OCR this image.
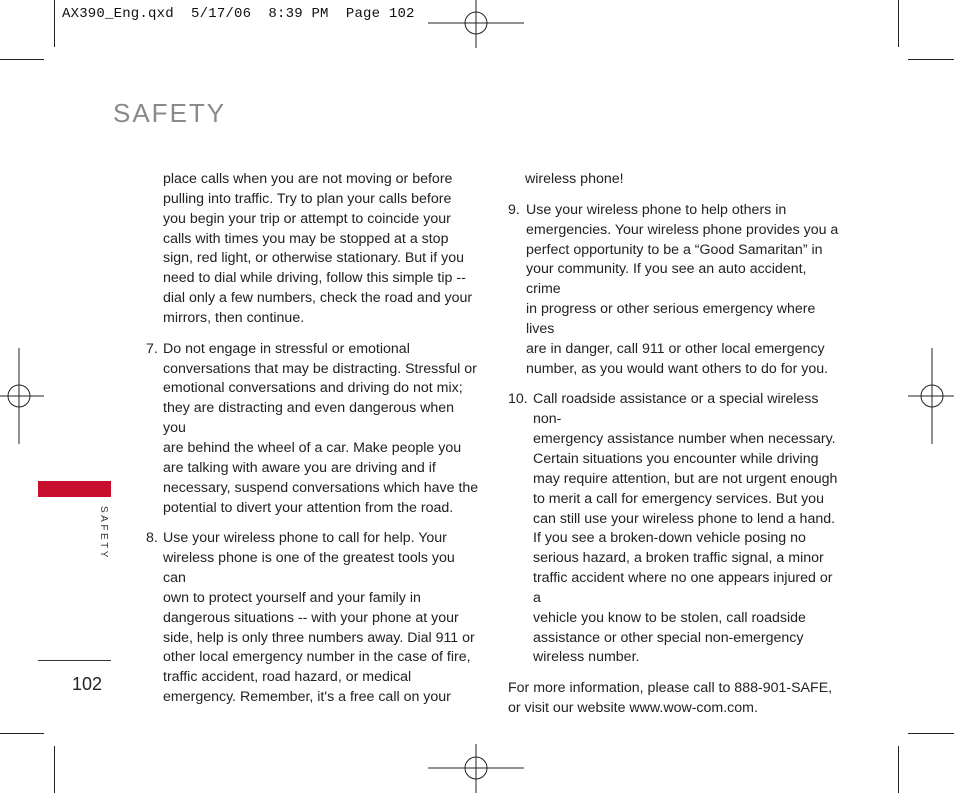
AX390_Eng.qxd  5/17/06  8:39 PM  Page 102
SAFETY
SAFETY
102
place calls when you are not moving or before
pulling into traffic. Try to plan your calls before
you begin your trip or attempt to coincide your
calls with times you may be stopped at a stop
sign, red light, or otherwise stationary. But if you
need to dial while driving, follow this simple tip --
dial only a few numbers, check the road and your
mirrors, then continue.
7. Do not engage in stressful or emotional
conversations that may be distracting. Stressful or
emotional conversations and driving do not mix;
they are distracting and even dangerous when you
are behind the wheel of a car. Make people you
are talking with aware you are driving and if
necessary, suspend conversations which have the
potential to divert your attention from the road.
8. Use your wireless phone to call for help. Your
wireless phone is one of the greatest tools you can
own to protect yourself and your family in
dangerous situations -- with your phone at your
side, help is only three numbers away. Dial 911 or
other local emergency number in the case of fire,
traffic accident, road hazard, or medical
emergency. Remember, it's a free call on your
wireless phone!
9. Use your wireless phone to help others in
emergencies. Your wireless phone provides you a
perfect opportunity to be a “Good Samaritan” in
your community. If you see an auto accident, crime
in progress or other serious emergency where lives
are in danger, call 911 or other local emergency
number, as you would want others to do for you.
10. Call roadside assistance or a special wireless non-
emergency assistance number when necessary.
Certain situations you encounter while driving
may require attention, but are not urgent enough
to merit a call for emergency services. But you
can still use your wireless phone to lend a hand.
If you see a broken-down vehicle posing no
serious hazard, a broken traffic signal, a minor
traffic accident where no one appears injured or a
vehicle you know to be stolen, call roadside
assistance or other special non-emergency
wireless number.
For more information, please call to 888-901-SAFE,
or visit our website www.wow-com.com.
